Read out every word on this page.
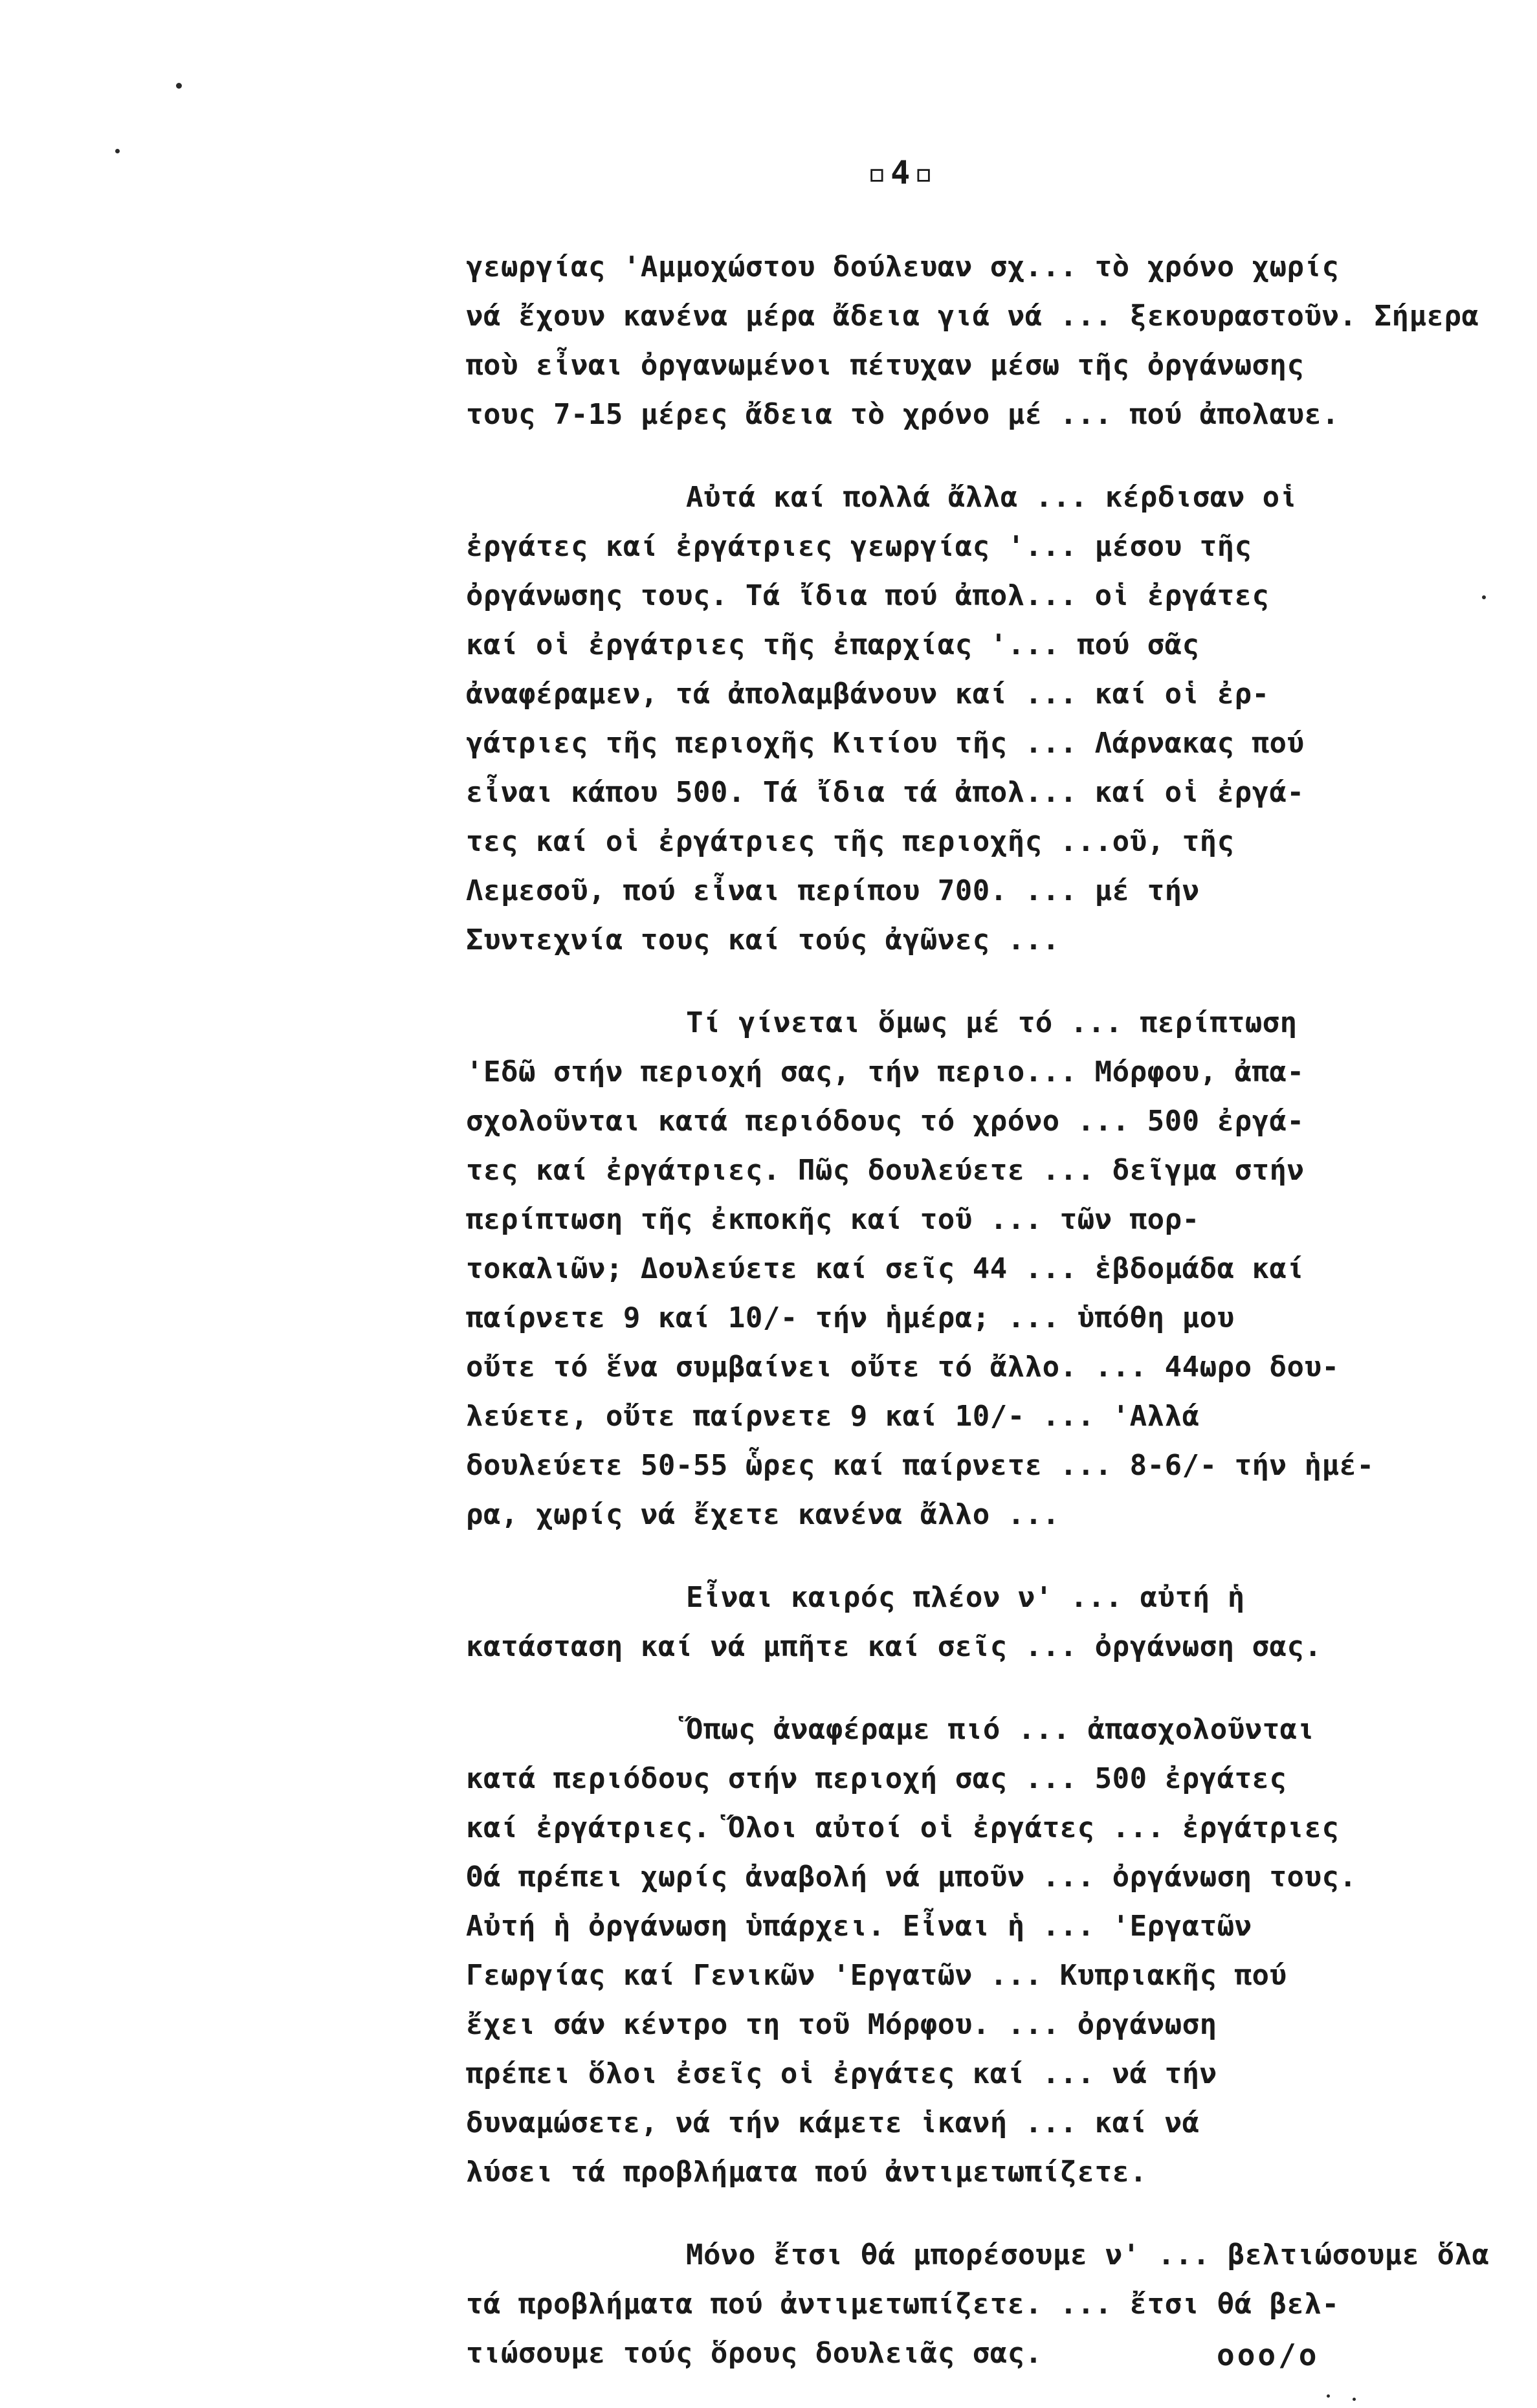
▫4▫
γεωργίας 'Αμμοχώστου δούλευαν σχ... τὸ χρόνο χωρίς
νά ἔχουν κανένα μέρα ἄδεια γιά νά ... ξεκουραστοῦν. Σήμερα
ποὺ εἶναι ὀργανωμένοι πέτυχαν μέσω τῆς ὀργάνωσης
τους 7-15 μέρες ἄδεια τὸ χρόνο μέ ... πού ἀπολαυε.
Αὐτά καί πολλά ἄλλα ... κέρδισαν οἱ
ἐργάτες καί ἐργάτριες γεωργίας '... μέσου τῆς
ὀργάνωσης τους. Τά ἴδια πού ἀπολ... οἱ ἐργάτες
καί οἱ ἐργάτριες τῆς ἐπαρχίας '... πού σᾶς
ἀναφέραμεν, τά ἀπολαμβάνουν καί ... καί οἱ ἐρ-
γάτριες τῆς περιοχῆς Κιτίου τῆς ... Λάρνακας πού
εἶναι κάπου 500. Τά ἴδια τά ἀπολ... καί οἱ ἐργά-
τες καί οἱ ἐργάτριες τῆς περιοχῆς ...οῦ, τῆς
Λεμεσοῦ, πού εἶναι περίπου 700. ... μέ τήν
Συντεχνία τους καί τούς ἀγῶνες ...
Τί γίνεται ὅμως μέ τό ... περίπτωση
'Εδῶ στήν περιοχή σας, τήν περιο... Μόρφου, ἀπα-
σχολοῦνται κατά περιόδους τό χρόνο ... 500 ἐργά-
τες καί ἐργάτριες. Πῶς δουλεύετε ... δεῖγμα στήν
περίπτωση τῆς ἐκποκῆς καί τοῦ ... τῶν πορ-
τοκαλιῶν; Δουλεύετε καί σεῖς 44 ... ἑβδομάδα καί
παίρνετε 9 καί 10/- τήν ἡμέρα; ... ὑπόθη μου
οὔτε τό ἕνα συμβαίνει οὔτε τό ἄλλο. ... 44ωρο δου-
λεύετε, οὔτε παίρνετε 9 καί 10/- ... 'Αλλά
δουλεύετε 50-55 ὧρες καί παίρνετε ... 8-6/- τήν ἡμέ-
ρα, χωρίς νά ἔχετε κανένα ἄλλο ...
Εἶναι καιρός πλέον ν' ... αὐτή ἡ
κατάσταση καί νά μπῆτε καί σεῖς ... ὀργάνωση σας.
Ὅπως ἀναφέραμε πιό ... ἀπασχολοῦνται
κατά περιόδους στήν περιοχή σας ... 500 ἐργάτες
καί ἐργάτριες. Ὅλοι αὐτοί οἱ ἐργάτες ... ἐργάτριες
Θά πρέπει χωρίς ἀναβολή νά μποῦν ... ὀργάνωση τους.
Αὐτή ἡ ὀργάνωση ὑπάρχει. Εἶναι ἡ ... 'Εργατῶν
Γεωργίας καί Γενικῶν 'Εργατῶν ... Κυπριακῆς πού
ἔχει σάν κέντρο τη τοῦ Μόρφου. ... ὀργάνωση
πρέπει ὅλοι ἐσεῖς οἱ ἐργάτες καί ... νά τήν
δυναμώσετε, νά τήν κάμετε ἱκανή ... καί νά
λύσει τά προβλήματα πού ἀντιμετωπίζετε.
Μόνο ἔτσι θά μπορέσουμε ν' ... βελτιώσουμε ὅλα
τά προβλήματα πού ἀντιμετωπίζετε. ... ἔτσι θά βελ-
τιώσουμε τούς ὅρους δουλειᾶς σας.	ooo/o
